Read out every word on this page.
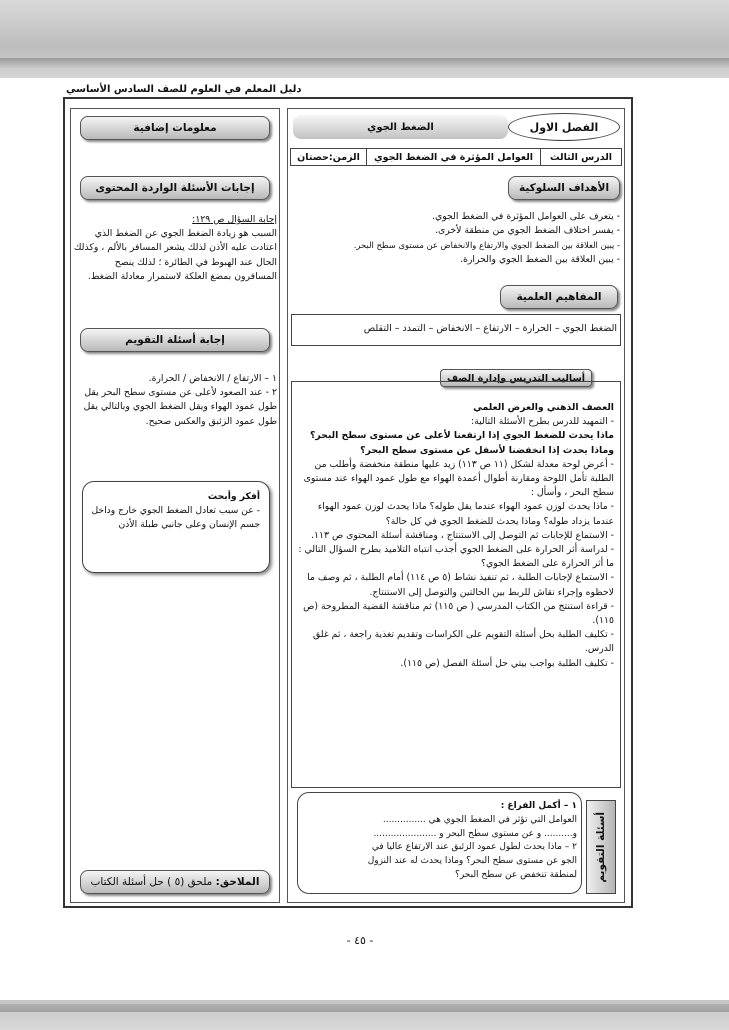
دليل المعلم في العلوم للصف السادس الأساسي
الضغط الجوي	الفصل الاول
الدرس الثالث
العوامل المؤثرة في الضغط الجوي
الزمن:حصتان
الأهداف السلوكية

- يتعرف على العوامل المؤثرة في الضغط الجوي.

- يفسر اختلاف الضغط الجوي من منطقة لأخرى.

- يبين العلاقة بين الضغط الجوي والارتفاع والانخفاض عن مستوى سطح البحر.

- يبين العلاقة بين الضغط الجوي والحرارة.

المفاهيم العلمية
الضغط الجوي – الحرارة – الارتفاع – الانخفاض – التمدد – التقلص
أساليب التدريس وإدارة الصف

العصف الذهني والعرض العلمي

- التمهيد للدرس بطرح الأسئلة التالية:

ماذا يحدث للضغط الجوي إذا ارتفعنا لأعلى عن مستوى سطح البحر؟

وماذا يحدث إذا انخفضنا لأسفل عن مستوى سطح البحر؟

- أعرض لوحة معدلة لشكل (١١ ص ١١٣) زيد عليها منطقة منخفضة وأطلب من الطلبة تأمل اللوحة ومقارنة أطوال أعمدة الهواء مع طول عمود الهواء عند مستوى سطح البحر ، وأسأل :

- ماذا يحدث لوزن عمود الهواء عندما يقل طوله؟ ماذا يحدث لوزن عمود الهواء عندما يزداد طوله؟ وماذا يحدث للضغط الجوي في كل حالة؟

- الاستماع للإجابات ثم التوصل إلى الاستنتاج ، ومناقشة أسئلة المحتوى ص ١١٣.

- لدراسة أثر الحرارة على الضغط الجوي أجذب انتباه التلاميذ بطرح السؤال التالي : ما أثر الحرارة على الضغط الجوي؟

- الاستماع لإجابات الطلبة ، ثم تنفيذ نشاط (٥ ص ١١٤) أمام الطلبة ، ثم وصف ما لاحظوه وإجراء نقاش للربط بين الحالتين والتوصل إلى الاستنتاج.

- قراءة استنتج من الكتاب المدرسي ( ص ١١٥) ثم مناقشة القضية المطروحة (ص ١١٥).

- تكليف الطلبة بحل أسئلة التقويم على الكراسات وتقديم تغذية راجعة ، ثم غلق الدرس.

- تكليف الطلبة بواجب بيتي حل أسئلة الفصل (ص ١١٥).

أسئلة التقويم

١ – أكمل الفراغ :

العوامل التي تؤثر في الضغط الجوي هي ...............

و.......... و عن مستوى سطح البحر و ......................

٢ – ماذا يحدث لطول عمود الزئبق عند الارتفاع عاليا في

الجو عن مستوى سطح البحر؟ وماذا يحدث له عند النزول

لمنطقة تنخفض عن سطح البحر؟

معلومات إضافية
إجابات الأسئلة الواردة المحتوى

إجابة السؤال ص ١٢٩:

السبب هو زيادة الضغط الجوي عن الضغط الذي اعتادت عليه الأذن لذلك يشعر المسافر بالألم ، وكذلك الحال عند الهبوط في الطائرة ؛ لذلك ينصح المسافرون بمضغ العلكة لاستمرار معادلة الضغط.

إجابة أسئلة التقويم

١ – الارتفاع / الانخفاض / الحرارة.

٢ - عند الصعود لأعلى عن مستوى سطح البحر يقل طول عمود الهواء ويقل الضغط الجوي وبالتالي يقل طول عمود الزئبق والعكس صحيح.

أفكر وأبحث

- عن سبب تعادل الضغط الجوي خارج وداخل جسم الإنسان وعلى جانبي طبلة الأذن

الملاحق:

ملحق (٥ ) حل أسئلة الكتاب
- ٤٥ -
